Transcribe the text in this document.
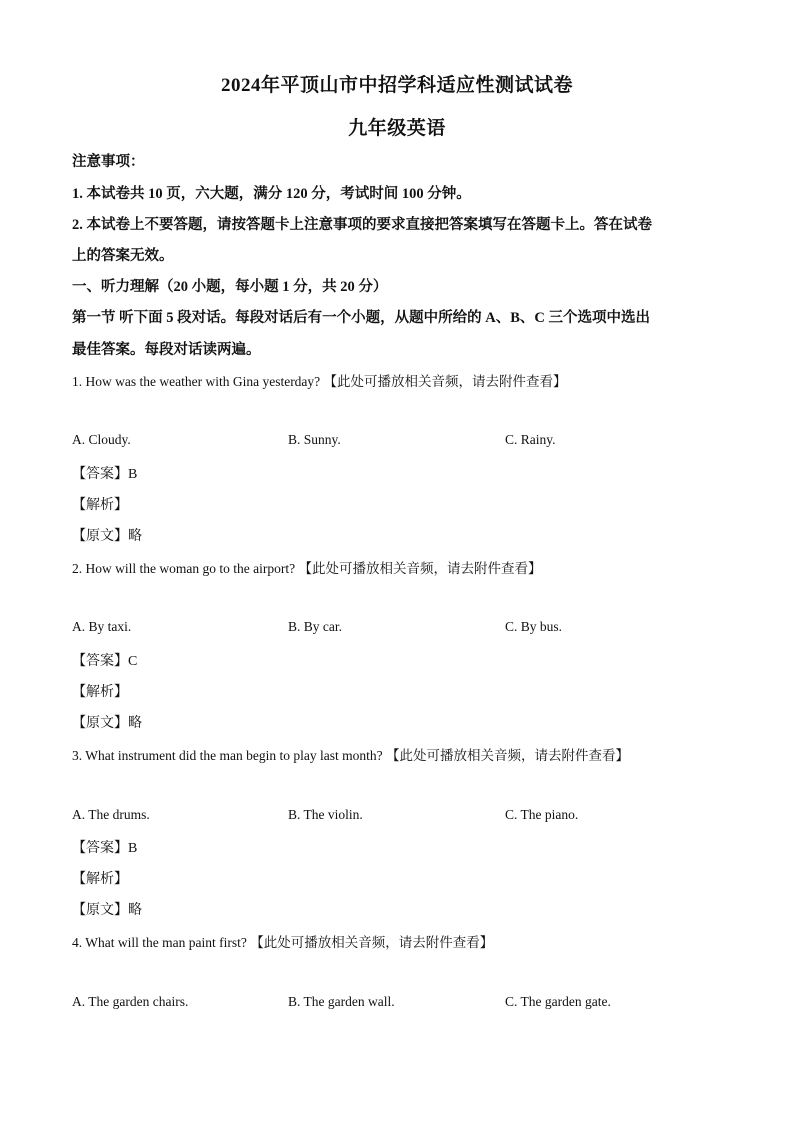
2024年平顶山市中招学科适应性测试试卷
九年级英语
注意事项：
1. 本试卷共 10 页，六大题，满分 120 分，考试时间 100 分钟。
2. 本试卷上不要答题，请按答题卡上注意事项的要求直接把答案填写在答题卡上。答在试卷
上的答案无效。
一、听力理解（20 小题，每小题 1 分，共 20 分）
第一节 听下面 5 段对话。每段对话后有一个小题，从题中所给的 A、B、C 三个选项中选出
最佳答案。每段对话读两遍。
1. How was the weather with Gina yesterday? 【此处可播放相关音频，请去附件查看】
A. Cloudy.	B. Sunny.	C. Rainy.
【答案】B
【解析】
【原文】略
2. How will the woman go to the airport? 【此处可播放相关音频，请去附件查看】
A. By taxi.	B. By car.	C. By bus.
【答案】C
【解析】
【原文】略
3. What instrument did the man begin to play last month? 【此处可播放相关音频，请去附件查看】
A. The drums.	B. The violin.	C. The piano.
【答案】B
【解析】
【原文】略
4. What will the man paint first? 【此处可播放相关音频，请去附件查看】
A. The garden chairs.	B. The garden wall.	C. The garden gate.
